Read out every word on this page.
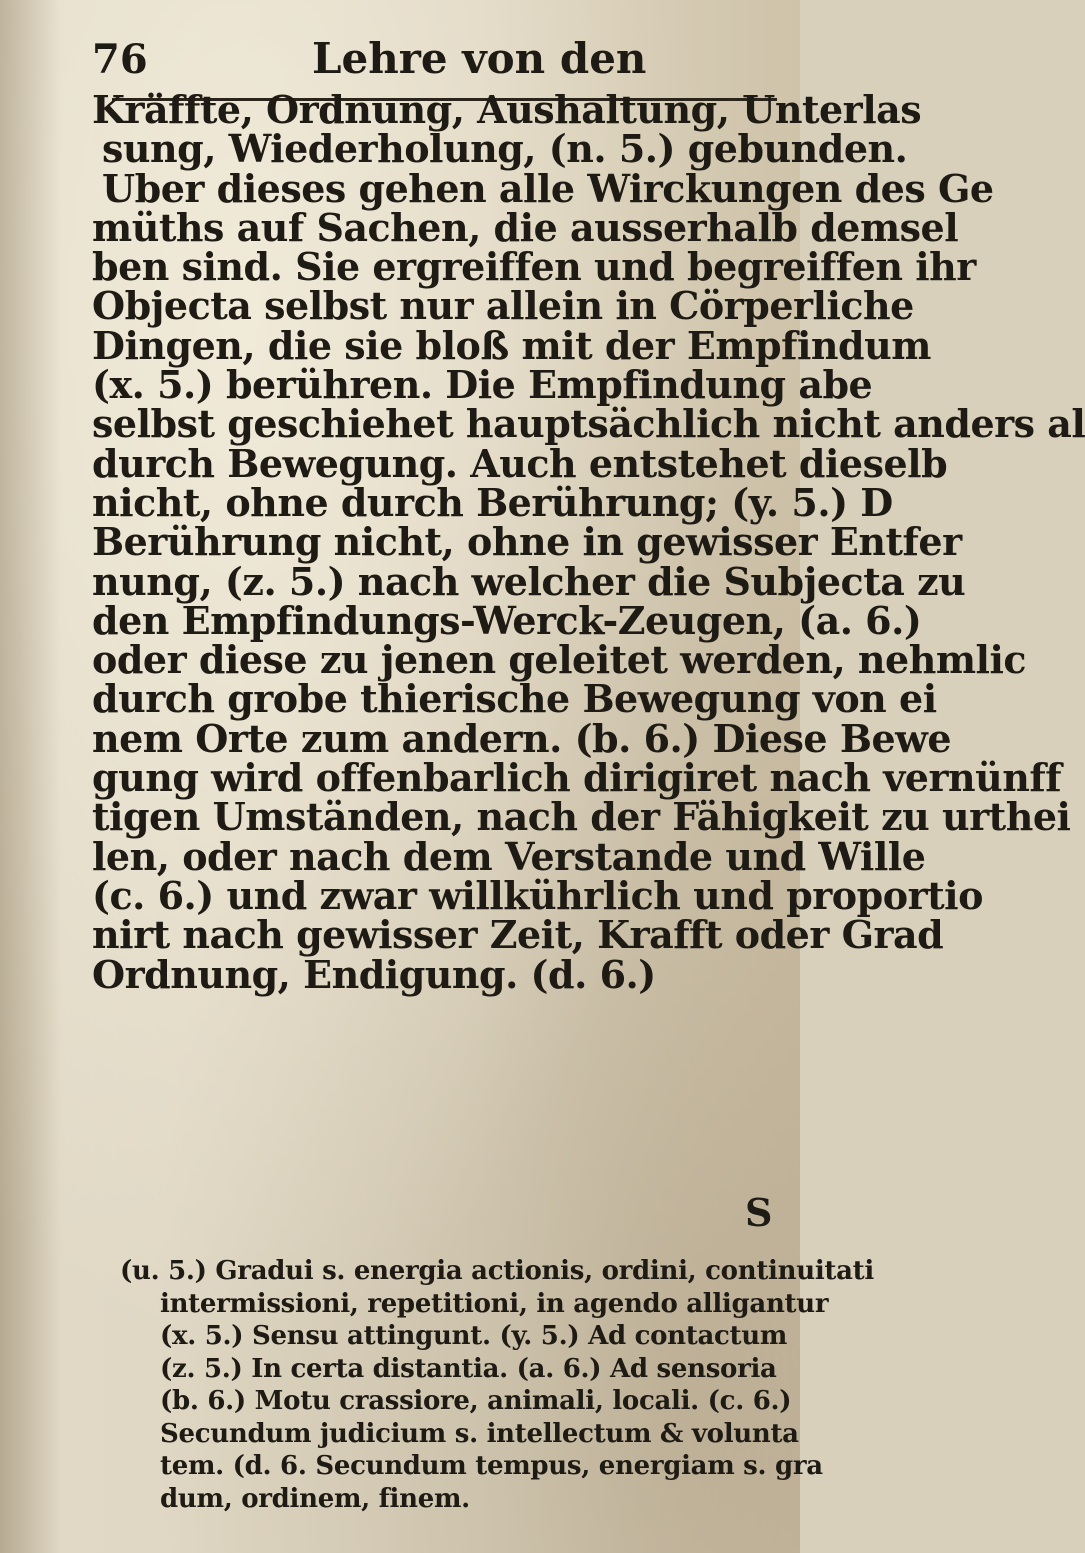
76	Lehre von den
Kräffte, Ordnung, Aushaltung, Unterlas
sung, Wiederholung, (n. 5.) gebunden.
Uber dieses gehen alle Wirckungen des Ge
müths auf Sachen, die ausserhalb demsel
ben sind. Sie ergreiffen und begreiffen ihr
Objecta selbst nur allein in Cörperliche
Dingen, die sie bloß mit der Empfindum
(x. 5.) berühren. Die Empfindung abe
selbst geschiehet hauptsächlich nicht anders al
durch Bewegung. Auch entstehet dieselb
nicht, ohne durch Berührung; (y. 5.) D
Berührung nicht, ohne in gewisser Entfer
nung, (z. 5.) nach welcher die Subjecta zu
den Empfindungs-Werck-Zeugen, (a. 6.)
oder diese zu jenen geleitet werden, nehmlic
durch grobe thierische Bewegung von ei
nem Orte zum andern. (b. 6.) Diese Bewe
gung wird offenbarlich dirigiret nach vernünff
tigen Umständen, nach der Fähigkeit zu urthei
len, oder nach dem Verstande und Wille
(c. 6.) und zwar willkührlich und proportio
nirt nach gewisser Zeit, Krafft oder Grad
Ordnung, Endigung. (d. 6.)
S
(u. 5.) Gradui s. energia actionis, ordini, continuitati
intermissioni, repetitioni, in agendo alligantur
(x. 5.) Sensu attingunt. (y. 5.) Ad contactum
(z. 5.) In certa distantia. (a. 6.) Ad sensoria
(b. 6.) Motu crassiore, animali, locali. (c. 6.)
Secundum judicium s. intellectum & volunta
tem. (d. 6. Secundum tempus, energiam s. gra
dum, ordinem, finem.
